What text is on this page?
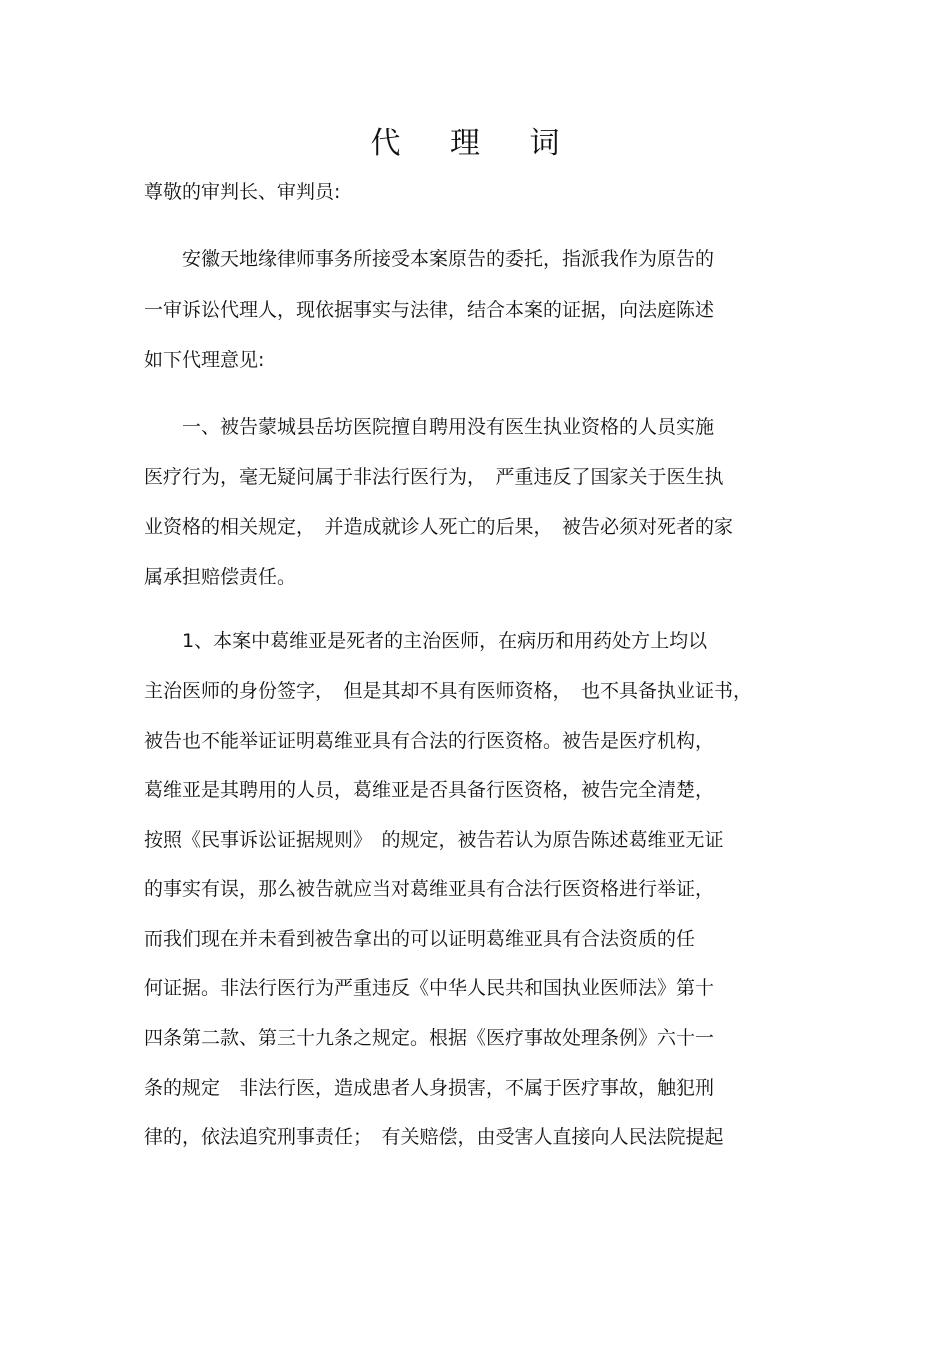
代 理 词
尊敬的审判长、审判员:
　　安徽天地缘律师事务所接受本案原告的委托，指派我作为原告的
一审诉讼代理人，现依据事实与法律，结合本案的证据，向法庭陈述
如下代理意见:
　　一、被告蒙城县岳坊医院擅自聘用没有医生执业资格的人员实施
医疗行为，毫无疑问属于非法行医行为，　严重违反了国家关于医生执
业资格的相关规定，　并造成就诊人死亡的后果，　被告必须对死者的家
属承担赔偿责任。
　　1、本案中葛维亚是死者的主治医师，在病历和用药处方上均以
主治医师的身份签字，　但是其却不具有医师资格，　也不具备执业证书，
被告也不能举证证明葛维亚具有合法的行医资格。被告是医疗机构，
葛维亚是其聘用的人员，葛维亚是否具备行医资格，被告完全清楚，
按照《民事诉讼证据规则》　的规定，被告若认为原告陈述葛维亚无证
的事实有误，那么被告就应当对葛维亚具有合法行医资格进行举证，
而我们现在并未看到被告拿出的可以证明葛维亚具有合法资质的任
何证据。非法行医行为严重违反《中华人民共和国执业医师法》第十
四条第二款、第三十九条之规定。根据《医疗事故处理条例》六十一
条的规定　非法行医，造成患者人身损害，不属于医疗事故，触犯刑
律的，依法追究刑事责任；　有关赔偿，由受害人直接向人民法院提起
